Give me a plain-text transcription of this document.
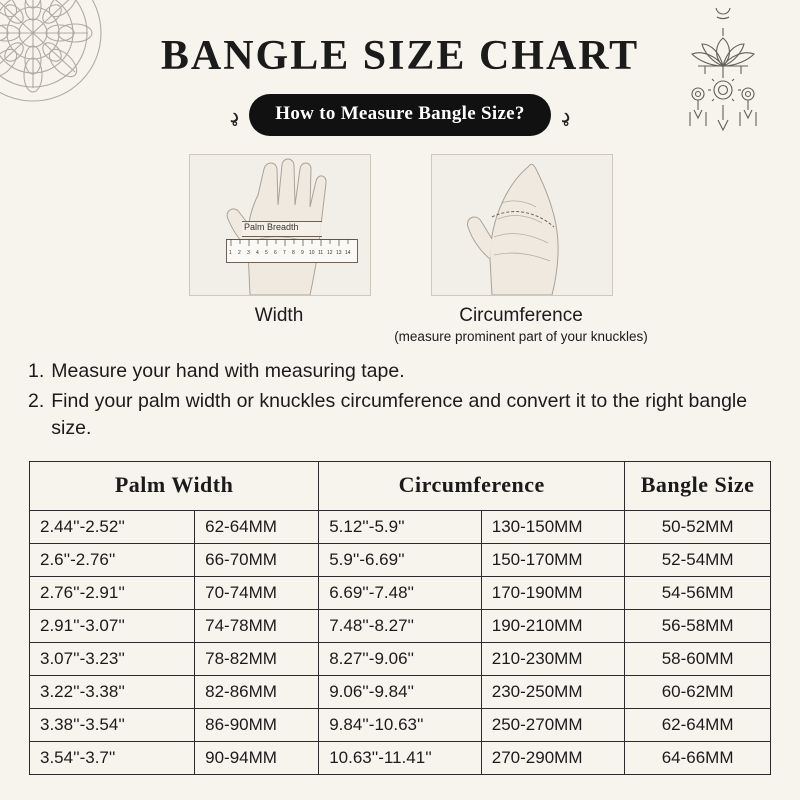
BANGLE SIZE CHART
ډ	How to Measure Bangle Size?	ډ
Palm Breadth
1 2 3 4 5 6 7 8 9 10 11 12 13 14
Width	Circumference
(measure prominent part of your knuckles)
1. Measure your hand with measuring tape.
2. Find your palm width or knuckles circumference and convert it to the right bangle size.
Palm Width		Circumference		Bangle Size
2.44''-2.52''	62-64MM	5.12''-5.9''	130-150MM	50-52MM
2.6''-2.76''	66-70MM	5.9''-6.69''	150-170MM	52-54MM
2.76''-2.91''	70-74MM	6.69''-7.48''	170-190MM	54-56MM
2.91''-3.07''	74-78MM	7.48''-8.27''	190-210MM	56-58MM
3.07''-3.23''	78-82MM	8.27''-9.06''	210-230MM	58-60MM
3.22''-3.38''	82-86MM	9.06''-9.84''	230-250MM	60-62MM
3.38''-3.54''	86-90MM	9.84''-10.63''	250-270MM	62-64MM
3.54''-3.7''	90-94MM	10.63''-11.41''	270-290MM	64-66MM
